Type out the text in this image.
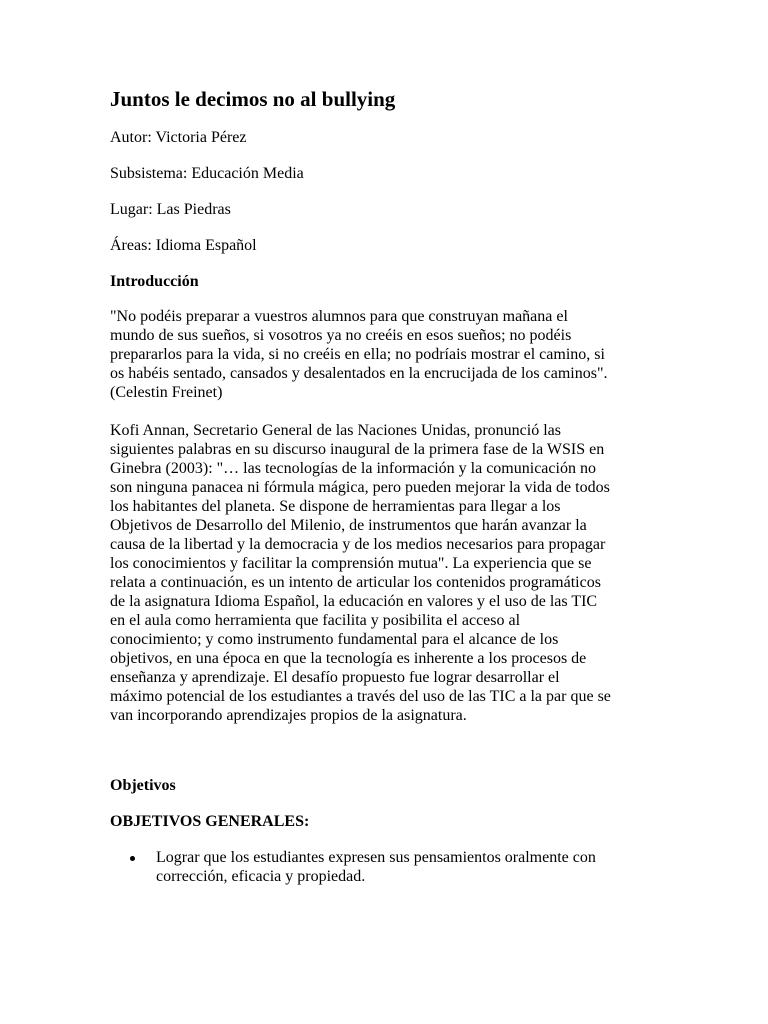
Juntos le decimos no al bullying
Autor: Victoria Pérez
Subsistema: Educación Media
Lugar: Las Piedras
Áreas: Idioma Español
Introducción
"No podéis preparar a vuestros alumnos para que construyan mañana el
mundo de sus sueños, si vosotros ya no creéis en esos sueños; no podéis
prepararlos para la vida, si no creéis en ella; no podríais mostrar el camino, si
os habéis sentado, cansados y desalentados en la encrucijada de los caminos".
(Celestin Freinet)
Kofi Annan, Secretario General de las Naciones Unidas, pronunció las
siguientes palabras en su discurso inaugural de la primera fase de la WSIS en
Ginebra (2003): "… las tecnologías de la información y la comunicación no
son ninguna panacea ni fórmula mágica, pero pueden mejorar la vida de todos
los habitantes del planeta. Se dispone de herramientas para llegar a los
Objetivos de Desarrollo del Milenio, de instrumentos que harán avanzar la
causa de la libertad y la democracia y de los medios necesarios para propagar
los conocimientos y facilitar la comprensión mutua". La experiencia que se
relata a continuación, es un intento de articular los contenidos programáticos
de la asignatura Idioma Español, la educación en valores y el uso de las TIC
en el aula como herramienta que facilita y posibilita el acceso al
conocimiento; y como instrumento fundamental para el alcance de los
objetivos, en una época en que la tecnología es inherente a los procesos de
enseñanza y aprendizaje. El desafío propuesto fue lograr desarrollar el
máximo potencial de los estudiantes a través del uso de las TIC a la par que se
van incorporando aprendizajes propios de la asignatura.
Objetivos
OBJETIVOS GENERALES:
Lograr que los estudiantes expresen sus pensamientos oralmente con
corrección, eficacia y propiedad.
